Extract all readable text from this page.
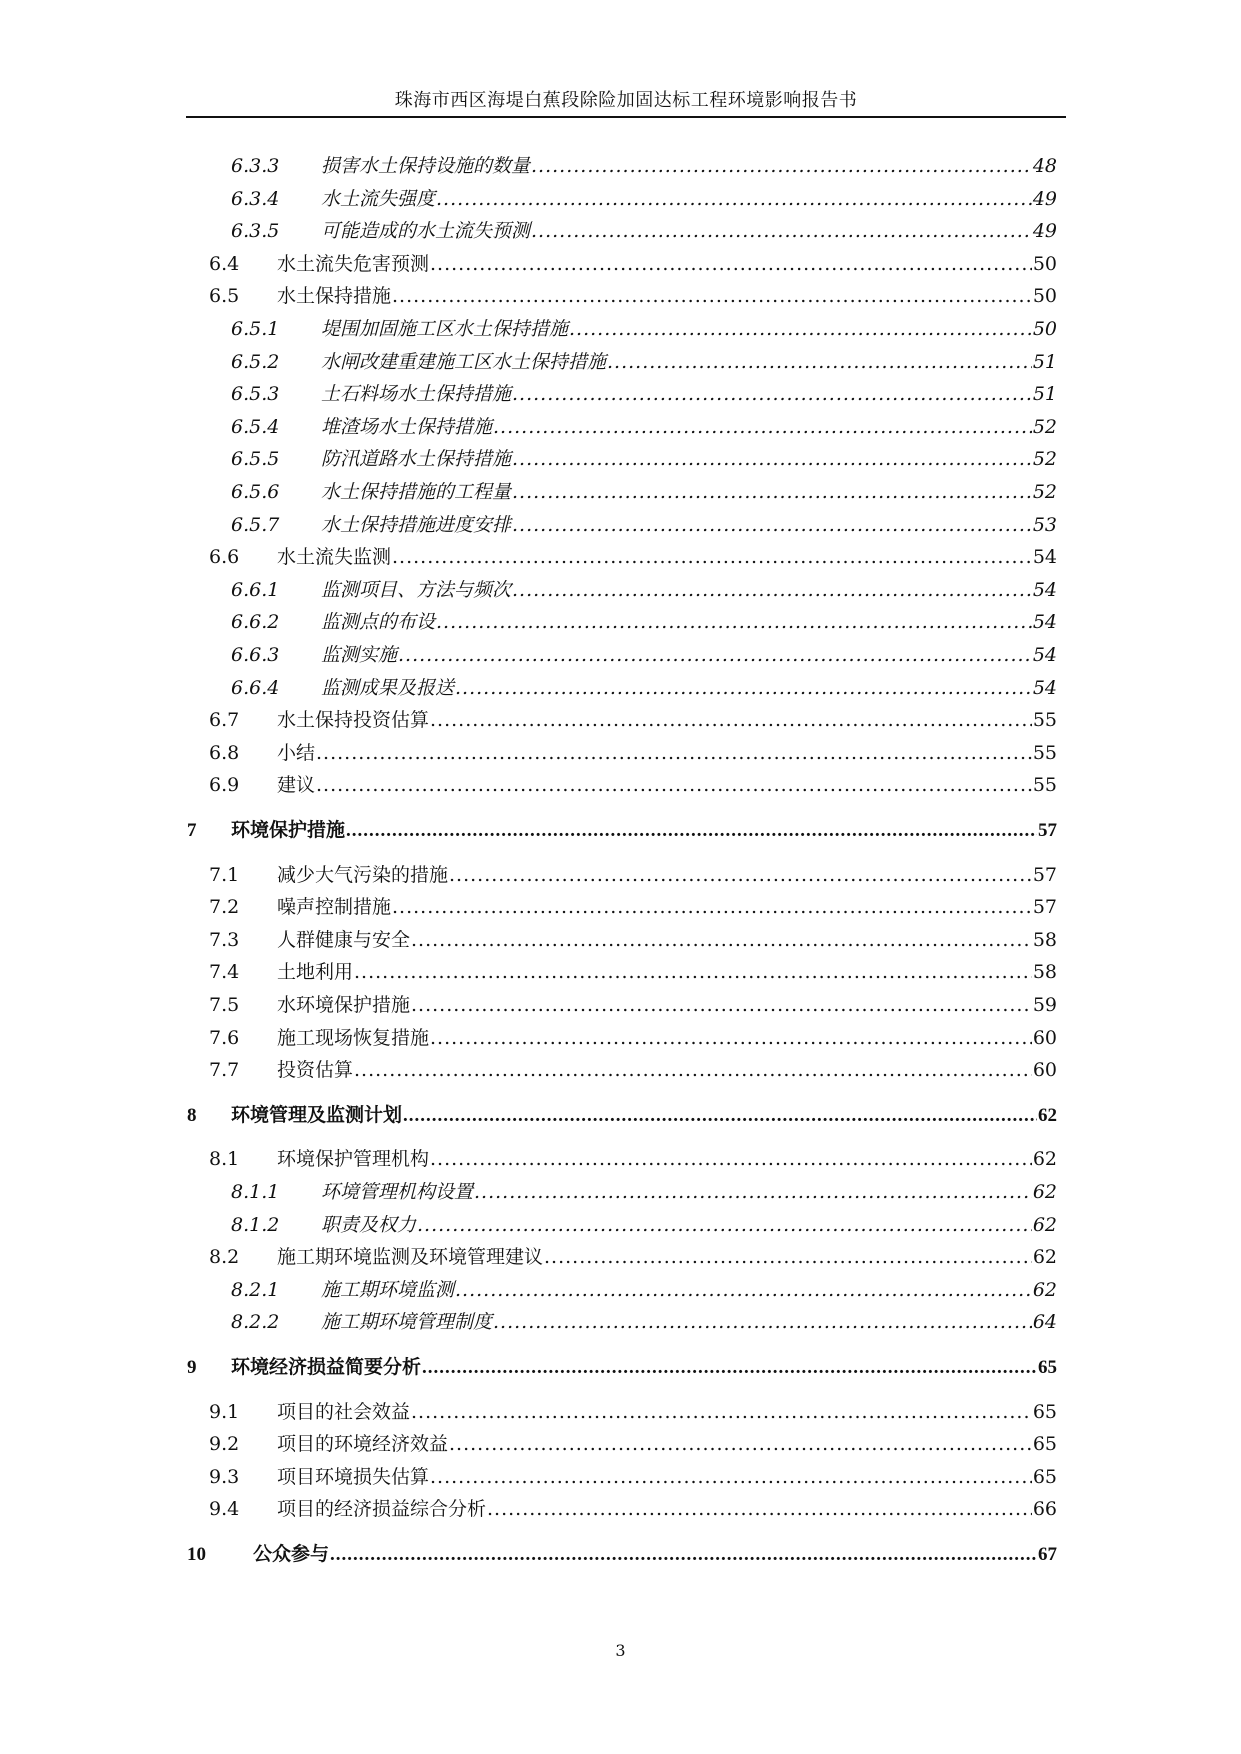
珠海市西区海堤白蕉段除险加固达标工程环境影响报告书
6.3.3	损害水土保持设施的数量 .....	48
6.3.4	水土流失强度 .....	49
6.3.5	可能造成的水土流失预测 .....	49
6.4	水土流失危害预测 .....	50
6.5	水土保持措施 .....	50
6.5.1	堤围加固施工区水土保持措施 .....	50
6.5.2	水闸改建重建施工区水土保持措施 .....	51
6.5.3	土石料场水土保持措施 .....	51
6.5.4	堆渣场水土保持措施 .....	52
6.5.5	防汛道路水土保持措施 .....	52
6.5.6	水土保持措施的工程量 .....	52
6.5.7	水土保持措施进度安排 .....	53
6.6	水土流失监测 .....	54
6.6.1	监测项目、方法与频次 .....	54
6.6.2	监测点的布设 .....	54
6.6.3	监测实施 .....	54
6.6.4	监测成果及报送 .....	54
6.7	水土保持投资估算 .....	55
6.8	小结 .....	55
6.9	建议 .....	55
7	环境保护措施 .....	57
7.1	减少大气污染的措施 .....	57
7.2	噪声控制措施 .....	57
7.3	人群健康与安全 .....	58
7.4	土地利用 .....	58
7.5	水环境保护措施 .....	59
7.6	施工现场恢复措施 .....	60
7.7	投资估算 .....	60
8	环境管理及监测计划 .....	62
8.1	环境保护管理机构 .....	62
8.1.1	环境管理机构设置 .....	62
8.1.2	职责及权力 .....	62
8.2	施工期环境监测及环境管理建议 .....	62
8.2.1	施工期环境监测 .....	62
8.2.2	施工期环境管理制度 .....	64
9	环境经济损益简要分析 .....	65
9.1	项目的社会效益 .....	65
9.2	项目的环境经济效益 .....	65
9.3	项目环境损失估算 .....	65
9.4	项目的经济损益综合分析 .....	66
10	公众参与 .....	67
3
